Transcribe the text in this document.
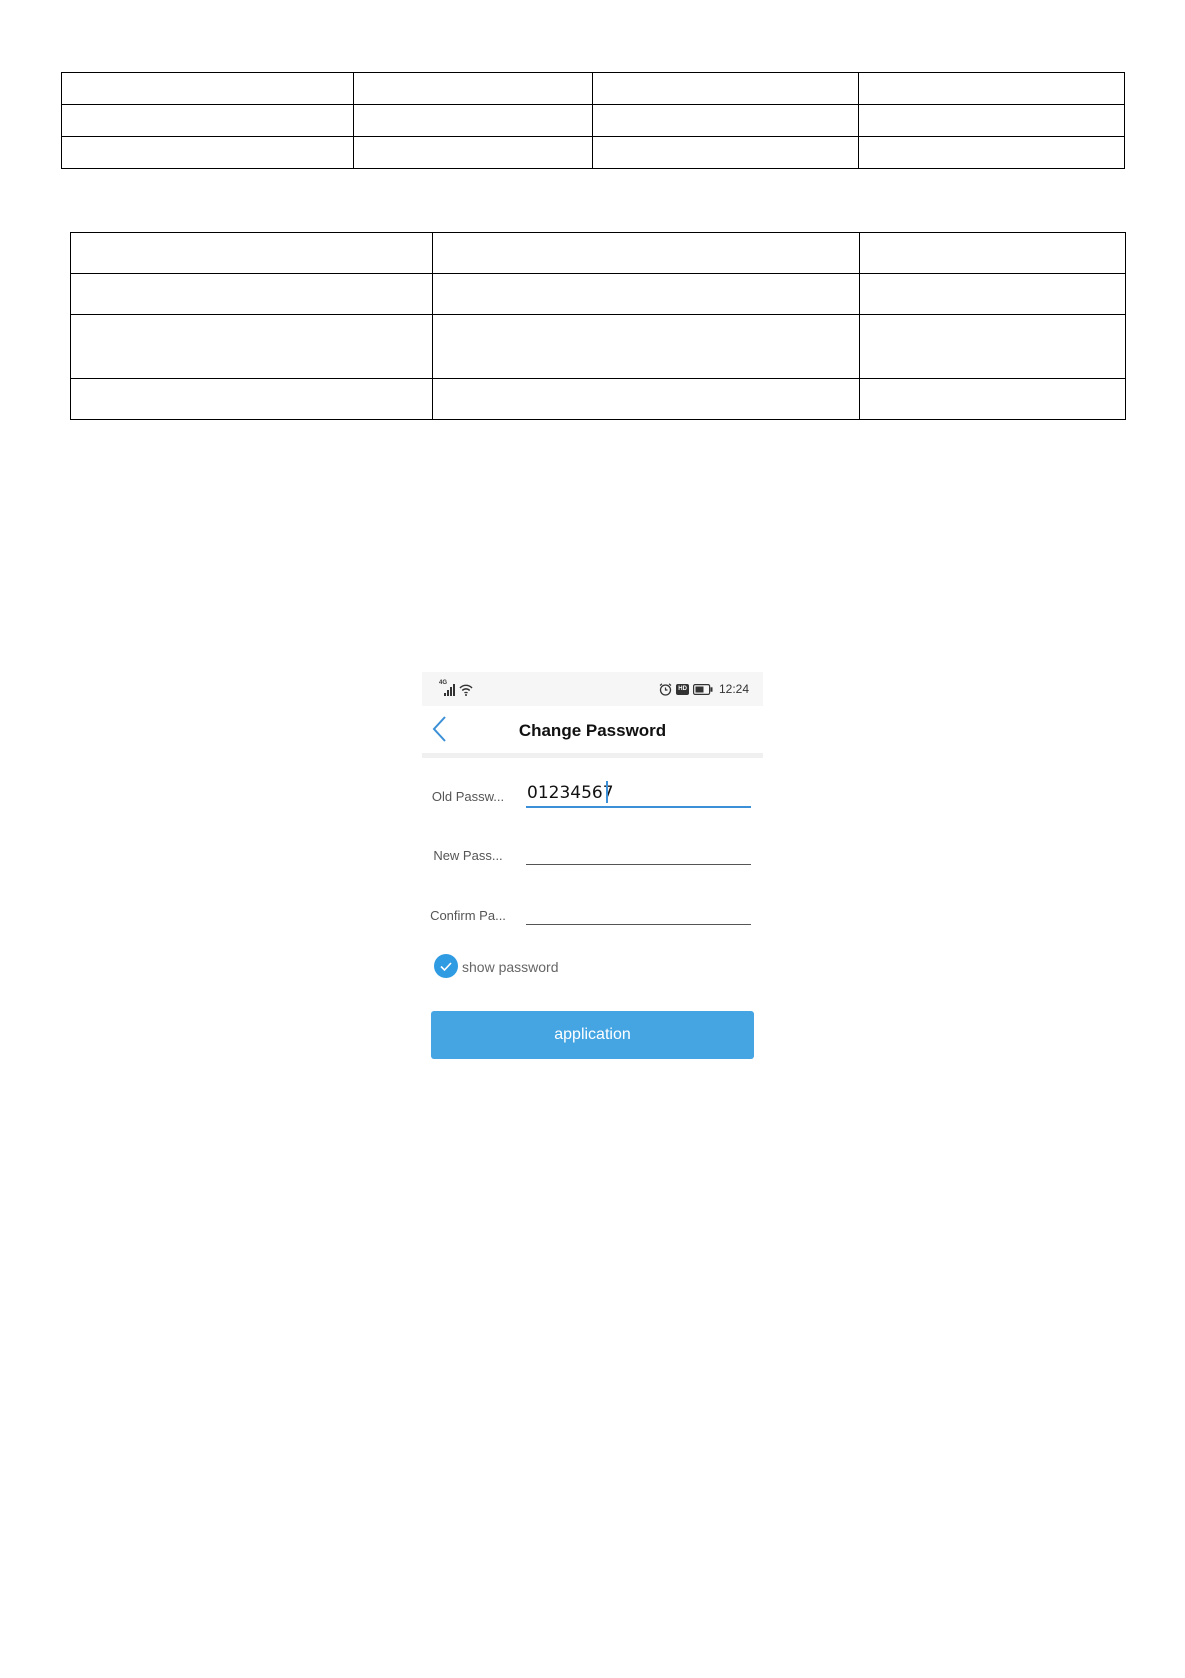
4G
HD	12:24
Change Password
Old Passw...
01234567
New Pass...
Confirm Pa...
show password
application
